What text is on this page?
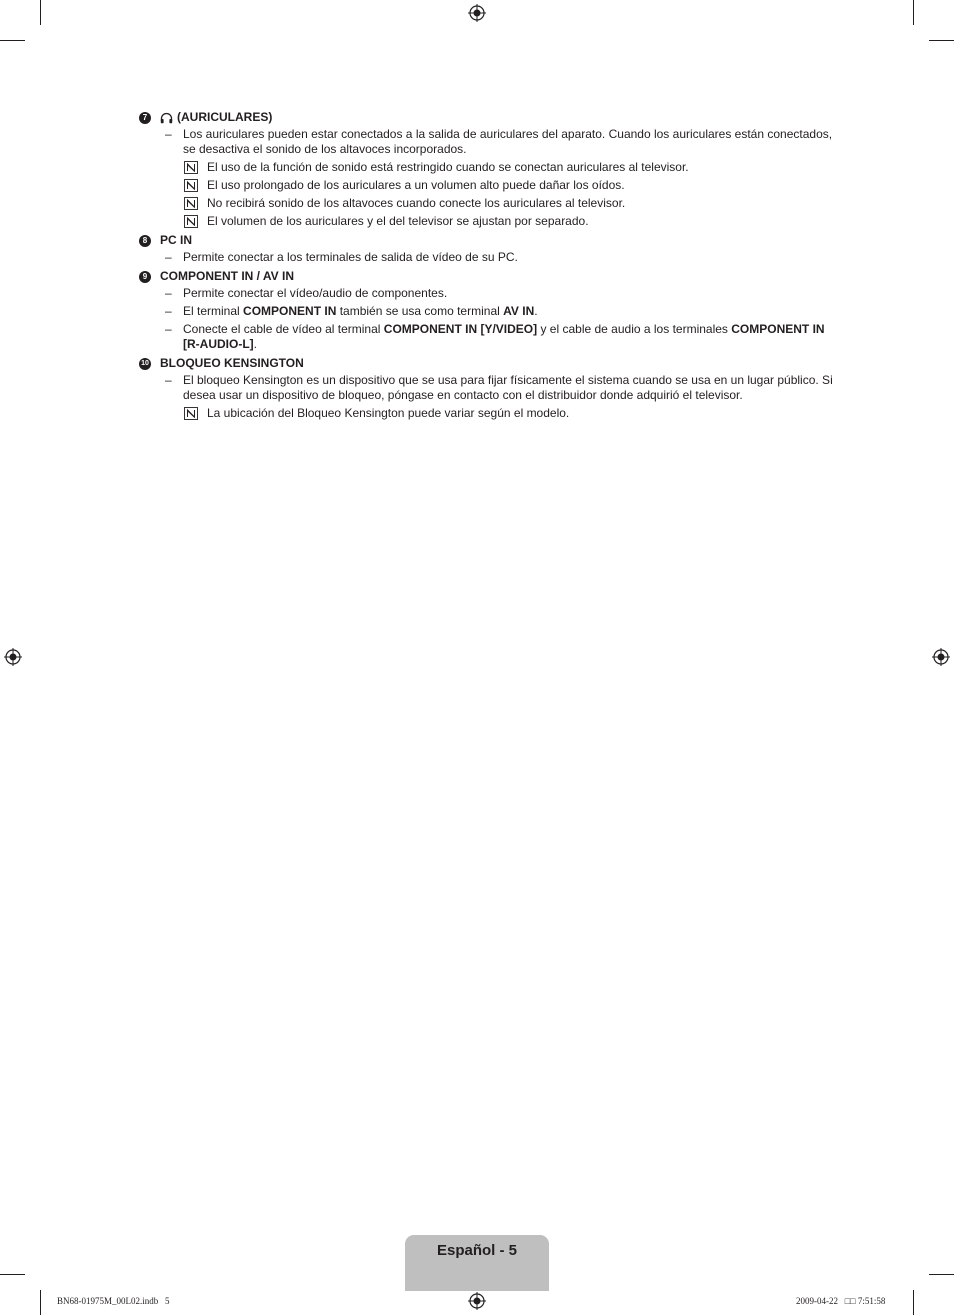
7	(AURICULARES)
– Los auriculares pueden estar conectados a la salida de auriculares del aparato. Cuando los auriculares están conectados, se desactiva el sonido de los altavoces incorporados.
El uso de la función de sonido está restringido cuando se conectan auriculares al televisor.
El uso prolongado de los auriculares a un volumen alto puede dañar los oídos.
No recibirá sonido de los altavoces cuando conecte los auriculares al televisor.
El volumen de los auriculares y el del televisor se ajustan por separado.
8	PC IN
– Permite conectar a los terminales de salida de vídeo de su PC.
9	COMPONENT IN / AV IN
– Permite conectar el vídeo/audio de componentes.
– El terminal COMPONENT IN también se usa como terminal AV IN.
– Conecte el cable de vídeo al terminal COMPONENT IN [Y/VIDEO] y el cable de audio a los terminales COMPONENT IN [R-AUDIO-L].
10 BLOQUEO KENSINGTON
– El bloqueo Kensington es un dispositivo que se usa para fijar físicamente el sistema cuando se usa en un lugar público. Si desea usar un dispositivo de bloqueo, póngase en contacto con el distribuidor donde adquirió el televisor.
La ubicación del Bloqueo Kensington puede variar según el modelo.
Español - 5
BN68-01975M_00L02.indb   5	2009-04-22   □□ 7:51:58
